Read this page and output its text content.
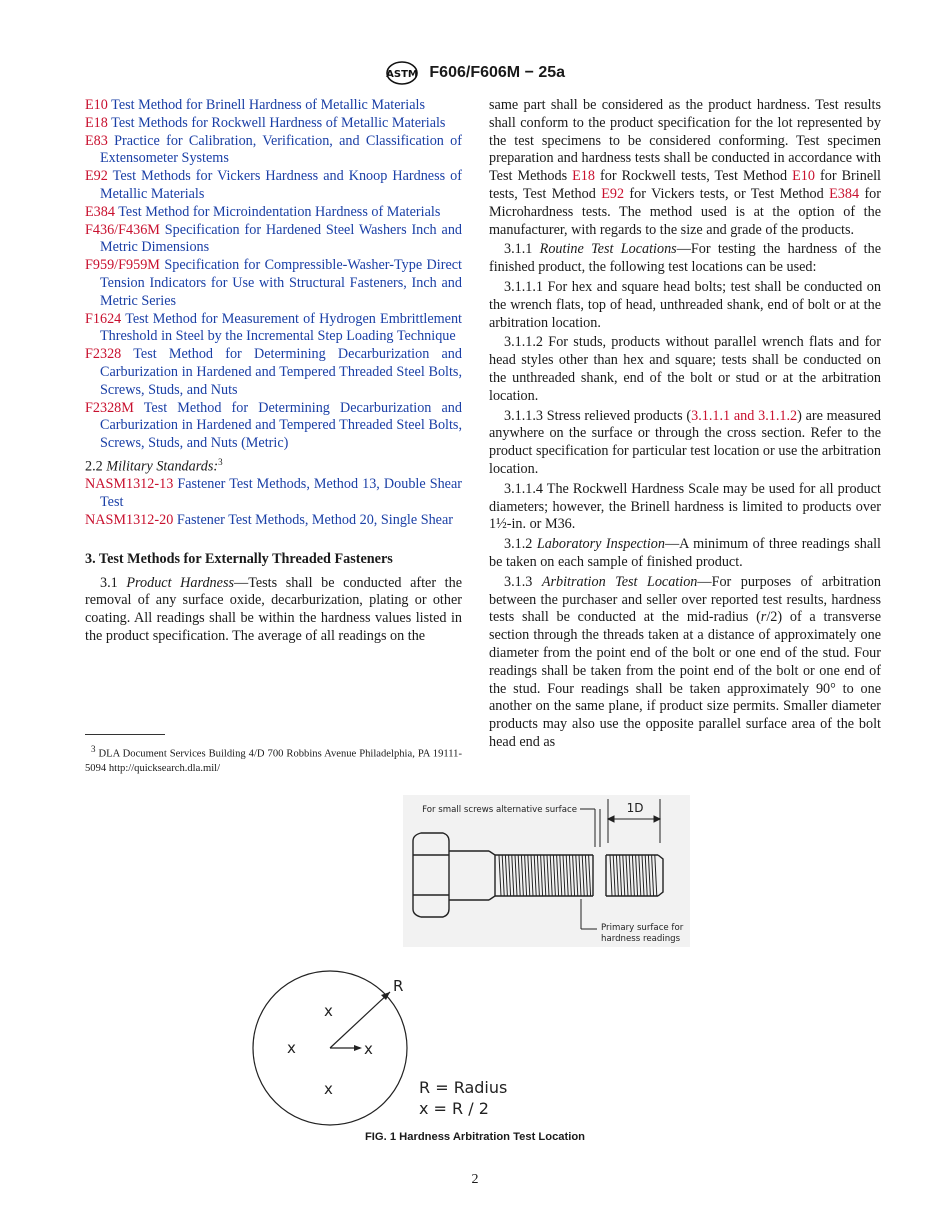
ASTM F606/F606M − 25a

E10 Test Method for Brinell Hardness of Metallic Materials

E18 Test Methods for Rockwell Hardness of Metallic Materials

E83 Practice for Calibration, Verification, and Classification of Extensometer Systems

E92 Test Methods for Vickers Hardness and Knoop Hardness of Metallic Materials

E384 Test Method for Microindentation Hardness of Materials

F436/F436M Specification for Hardened Steel Washers Inch and Metric Dimensions

F959/F959M Specification for Compressible-Washer-Type Direct Tension Indicators for Use with Structural Fasteners, Inch and Metric Series

F1624 Test Method for Measurement of Hydrogen Embrittlement Threshold in Steel by the Incremental Step Loading Technique

F2328 Test Method for Determining Decarburization and Carburization in Hardened and Tempered Threaded Steel Bolts, Screws, Studs, and Nuts

F2328M Test Method for Determining Decarburization and Carburization in Hardened and Tempered Threaded Steel Bolts, Screws, Studs, and Nuts (Metric)

2.2 Military Standards:$^3$

NASM1312-13 Fastener Test Methods, Method 13, Double Shear Test

NASM1312-20 Fastener Test Methods, Method 20, Single Shear

3. Test Methods for Externally Threaded Fasteners

3.1 Product Hardness—Tests shall be conducted after the removal of any surface oxide, decarburization, plating or other coating. All readings shall be within the hardness values listed in the product specification. The average of all readings on the

$^3$ DLA Document Services Building 4/D 700 Robbins Avenue Philadelphia, PA 19111-5094 http://quicksearch.dla.mil/

same part shall be considered as the product hardness. Test results shall conform to the product specification for the lot represented by the test specimens to be considered conforming. Test specimen preparation and hardness tests shall be conducted in accordance with Test Methods E18 for Rockwell tests, Test Method E10 for Brinell tests, Test Method E92 for Vickers tests, or Test Method E384 for Microhardness tests. The method used is at the option of the manufacturer, with regards to the size and grade of the products.

3.1.1 Routine Test Locations—For testing the hardness of the finished product, the following test locations can be used:

3.1.1.1 For hex and square head bolts; test shall be conducted on the wrench flats, top of head, unthreaded shank, end of bolt or at the arbitration location.

3.1.1.2 For studs, products without parallel wrench flats and for head styles other than hex and square; tests shall be conducted on the unthreaded shank, end of the bolt or stud or at the arbitration location.

3.1.1.3 Stress relieved products (3.1.1.1 and 3.1.1.2) are measured anywhere on the surface or through the cross section. Refer to the product specification for particular test location or use the arbitration location.

3.1.1.4 The Rockwell Hardness Scale may be used for all product diameters; however, the Brinell hardness is limited to products over 1½-in. or M36.

3.1.2 Laboratory Inspection—A minimum of three readings shall be taken on each sample of finished product.

3.1.3 Arbitration Test Location—For purposes of arbitration between the purchaser and seller over reported test results, hardness tests shall be conducted at the mid-radius (r/2) of a transverse section through the threads taken at a distance of approximately one diameter from the point end of the bolt or one end of the stud. Four readings shall be taken from the point end of the bolt or one end of the stud. Four readings shall be taken approximately 90° to one another on the same plane, if product size permits. Smaller diameter products may also use the opposite parallel surface area of the bolt head end as

1D
For small screws alternative surface
Primary surface for
hardness readings
R
x
x	x
x	R = Radius
x = R / 2
FIG. 1 Hardness Arbitration Test Location
2
